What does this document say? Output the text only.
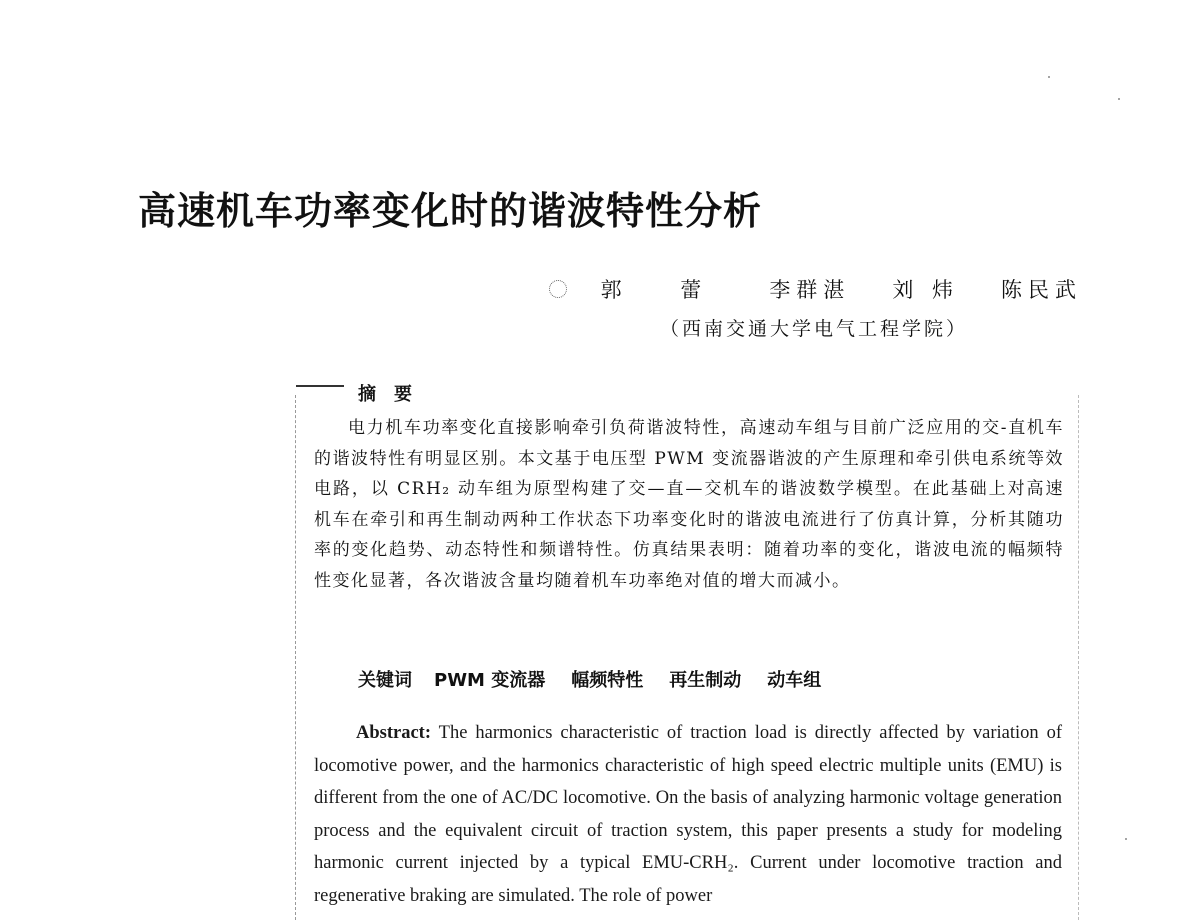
高速机车功率变化时的谐波特性分析
郭 蕾 李群湛 刘 炜 陈民武
（西南交通大学电气工程学院）
摘要

电力机车功率变化直接影响牵引负荷谐波特性，高速动车组与目前广泛应用的交-直机车的谐波特性有明显区别。本文基于电压型 PWM 变流器谐波的产生原理和牵引供电系统等效电路，以 CRH₂ 动车组为原型构建了交—直—交机车的谐波数学模型。在此基础上对高速机车在牵引和再生制动两种工作状态下功率变化时的谐波电流进行了仿真计算，分析其随功率的变化趋势、动态特性和频谱特性。仿真结果表明：随着功率的变化，谐波电流的幅频特性变化显著，各次谐波含量均随着机车功率绝对值的增大而减小。

关键词 PWM 变流器 幅频特性 再生制动 动车组

Abstract: The harmonics characteristic of traction load is directly affected by variation of locomotive power, and the harmonics characteristic of high speed electric multiple units (EMU) is different from the one of AC/DC locomotive. On the basis of analyzing harmonic voltage generation process and the equivalent circuit of traction system, this paper presents a study for modeling harmonic current injected by a typical EMU-CRH₂. Current under locomotive traction and regenerative braking are simulated. The role of power
